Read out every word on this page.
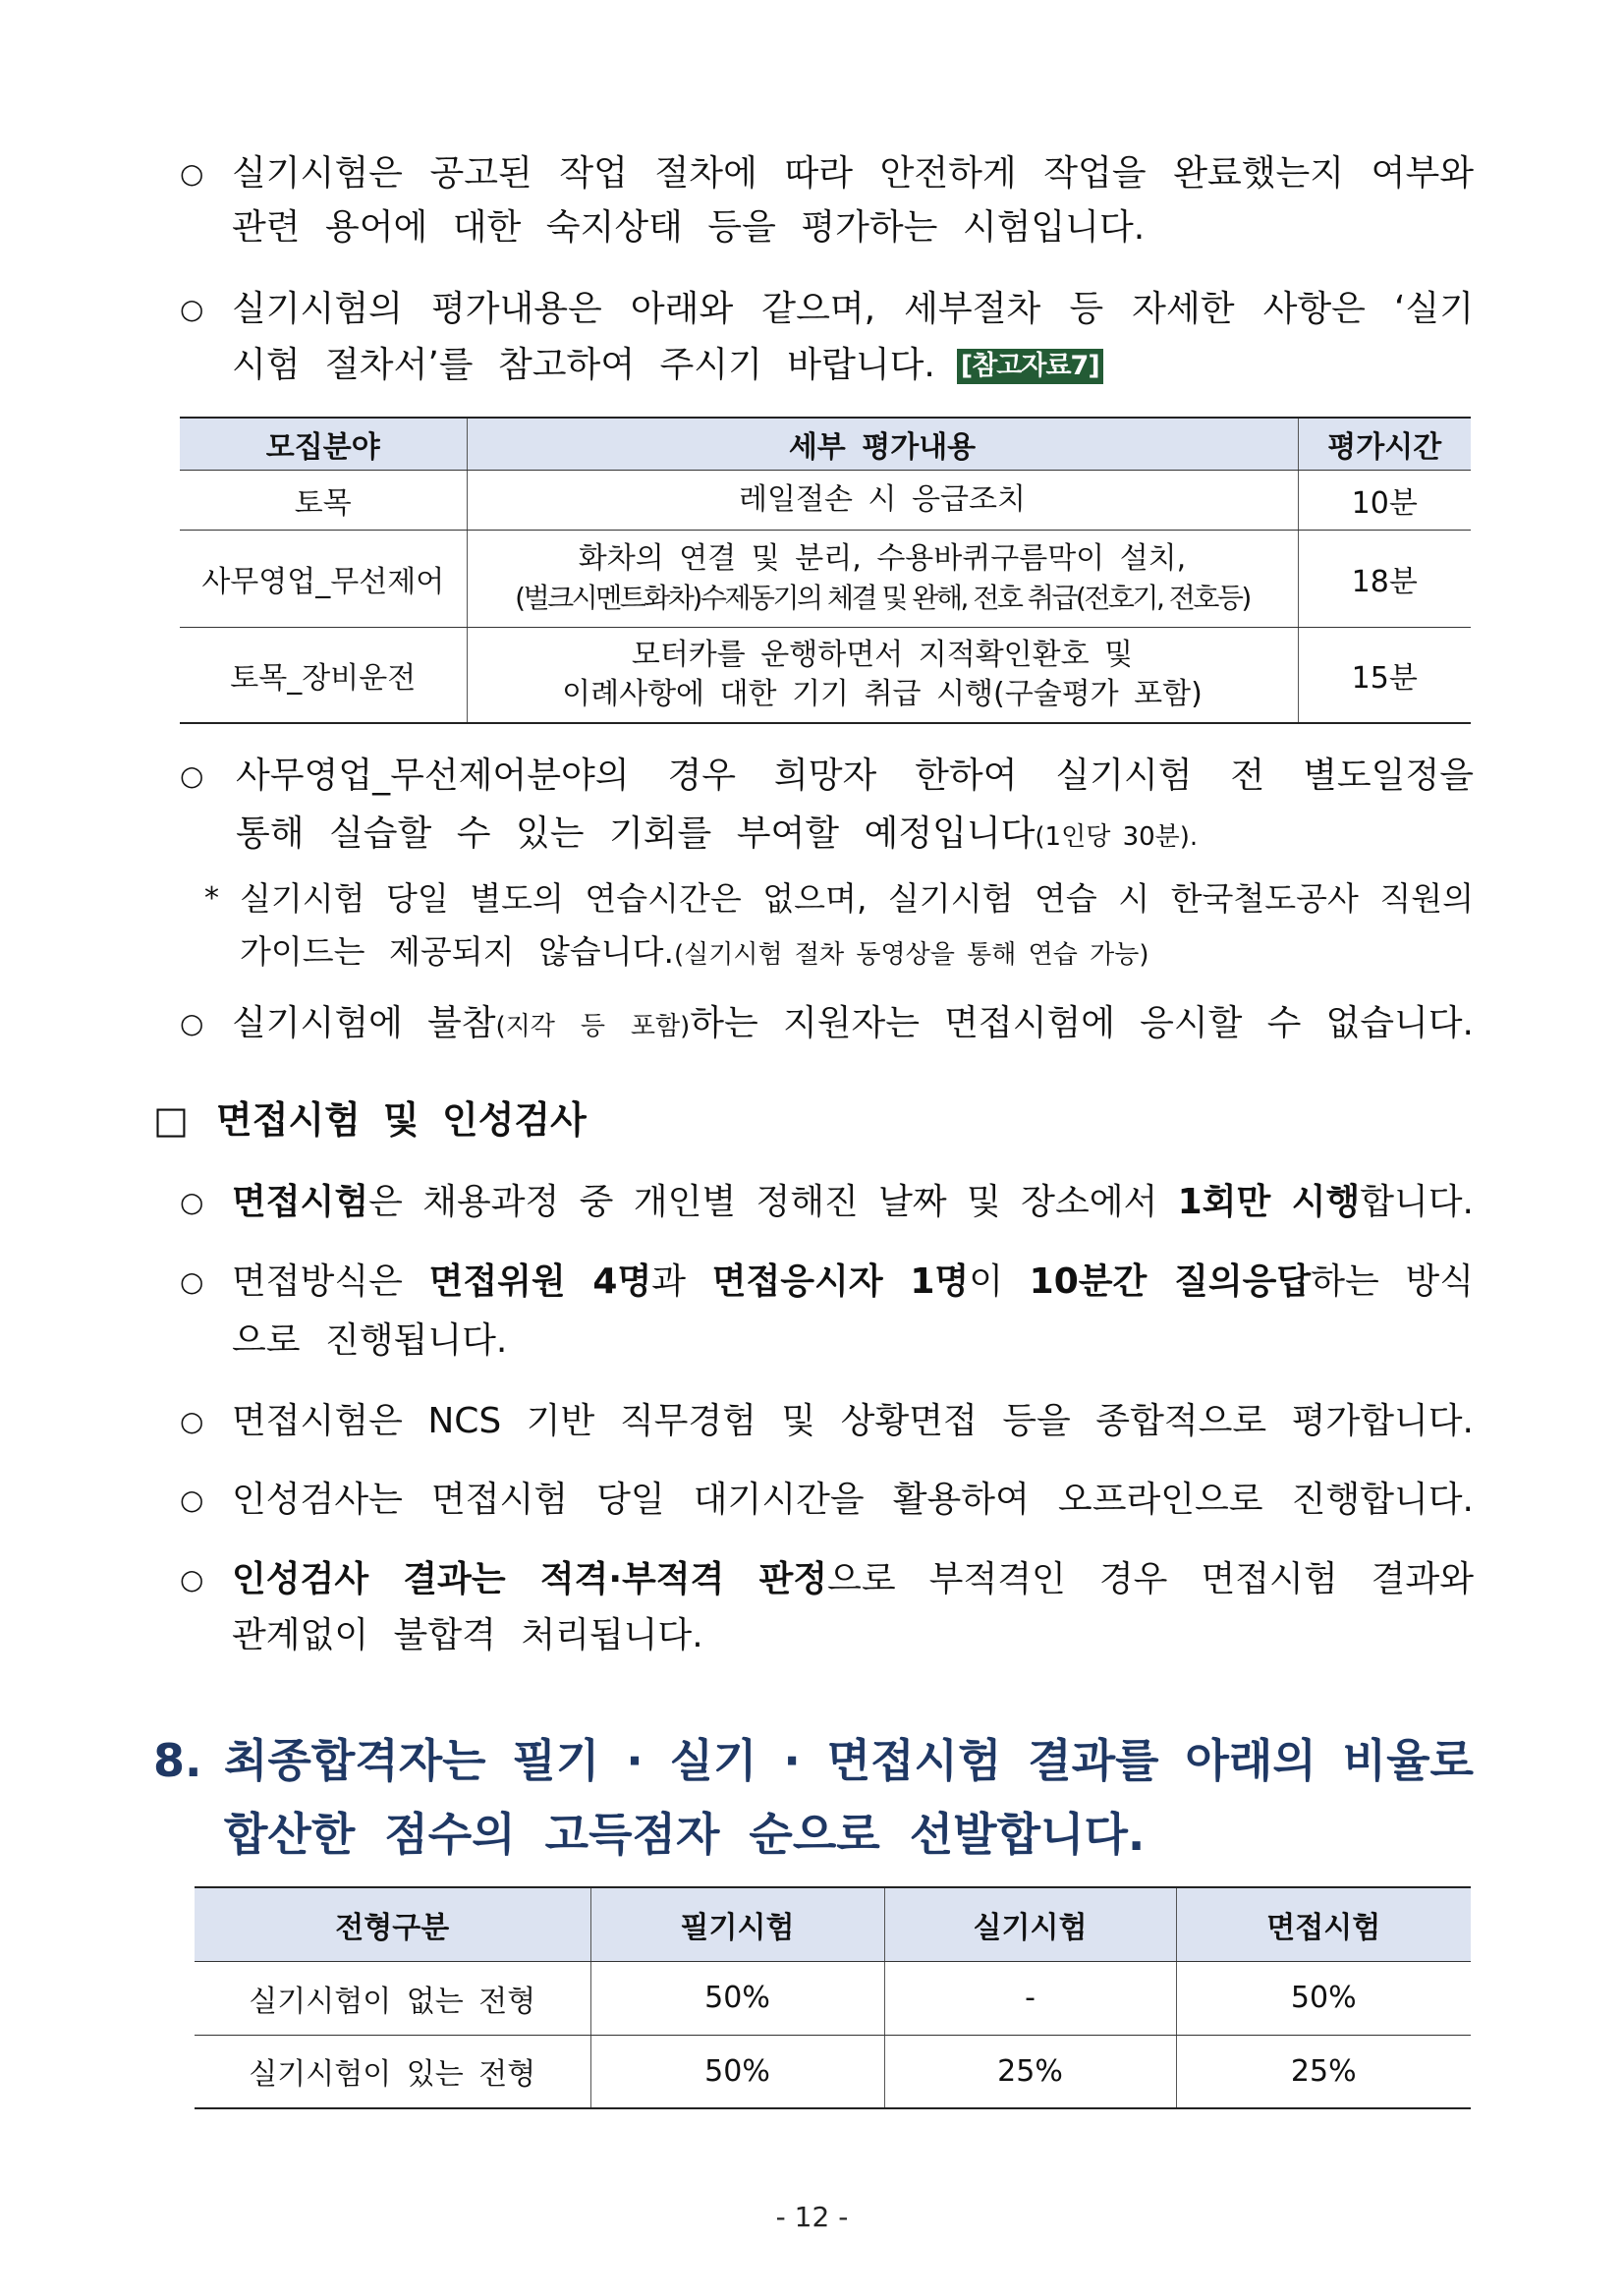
○ 실기시험은 공고된 작업 절차에 따라 안전하게 작업을 완료했는지 여부와
관련 용어에 대한 숙지상태 등을 평가하는 시험입니다.
○ 실기시험의 평가내용은 아래와 같으며, 세부절차 등 자세한 사항은 ‘실기
시험 절차서’를 참고하여 주시기 바랍니다. [참고자료7]
모집분야	세부 평가내용	평가시간
토목	레일절손 시 응급조치	10분
사무영업_무선제어	화차의 연결 및 분리, 수용바퀴구름막이 설치,
(벌크시멘트화차)수제동기의 체결 및 완해, 전호 취급(전호기, 전호등)	18분
토목_장비운전	모터카를 운행하면서 지적확인환호 및
이례사항에 대한 기기 취급 시행(구술평가 포함)	15분
○ 사무영업_무선제어분야의 경우 희망자 한하여 실기시험 전 별도일정을
통해 실습할 수 있는 기회를 부여할 예정입니다(1인당 30분).
* 실기시험 당일 별도의 연습시간은 없으며, 실기시험 연습 시 한국철도공사 직원의
가이드는 제공되지 않습니다.(실기시험 절차 동영상을 통해 연습 가능)
○ 실기시험에 불참(지각 등 포함)하는 지원자는 면접시험에 응시할 수 없습니다.
□ 면접시험 및 인성검사
○ 면접시험은 채용과정 중 개인별 정해진 날짜 및 장소에서 1회만 시행합니다.
○ 면접방식은 면접위원 4명과 면접응시자 1명이 10분간 질의응답하는 방식
으로 진행됩니다.
○ 면접시험은 NCS 기반 직무경험 및 상황면접 등을 종합적으로 평가합니다.
○ 인성검사는 면접시험 당일 대기시간을 활용하여 오프라인으로 진행합니다.
○ 인성검사 결과는 적격·부적격 판정으로 부적격인 경우 면접시험 결과와
관계없이 불합격 처리됩니다.
8. 최종합격자는 필기 · 실기 · 면접시험 결과를 아래의 비율로
합산한 점수의 고득점자 순으로 선발합니다.
전형구분	필기시험	실기시험	면접시험
실기시험이 없는 전형	50%	-	50%
실기시험이 있는 전형	50%	25%	25%
- 12 -
